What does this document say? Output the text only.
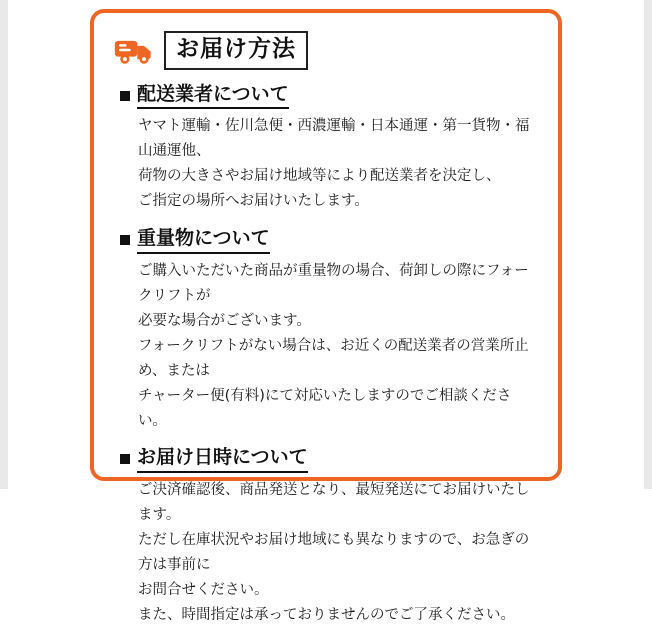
お届け方法
配送業者について

ヤマト運輸・佐川急便・西濃運輸・日本通運・第一貨物・福山通運他、

荷物の大きさやお届け地域等により配送業者を決定し、

ご指定の場所へお届けいたします。

重量物について

ご購入いただいた商品が重量物の場合、荷卸しの際にフォークリフトが

必要な場合がございます。

フォークリフトがない場合は、お近くの配送業者の営業所止め、または

チャーター便(有料)にて対応いたしますのでご相談ください。

お届け日時について

ご決済確認後、商品発送となり、最短発送にてお届けいたします。

ただし在庫状況やお届け地域にも異なりますので、お急ぎの方は事前に

お問合せください。

また、時間指定は承っておりませんのでご了承ください。
